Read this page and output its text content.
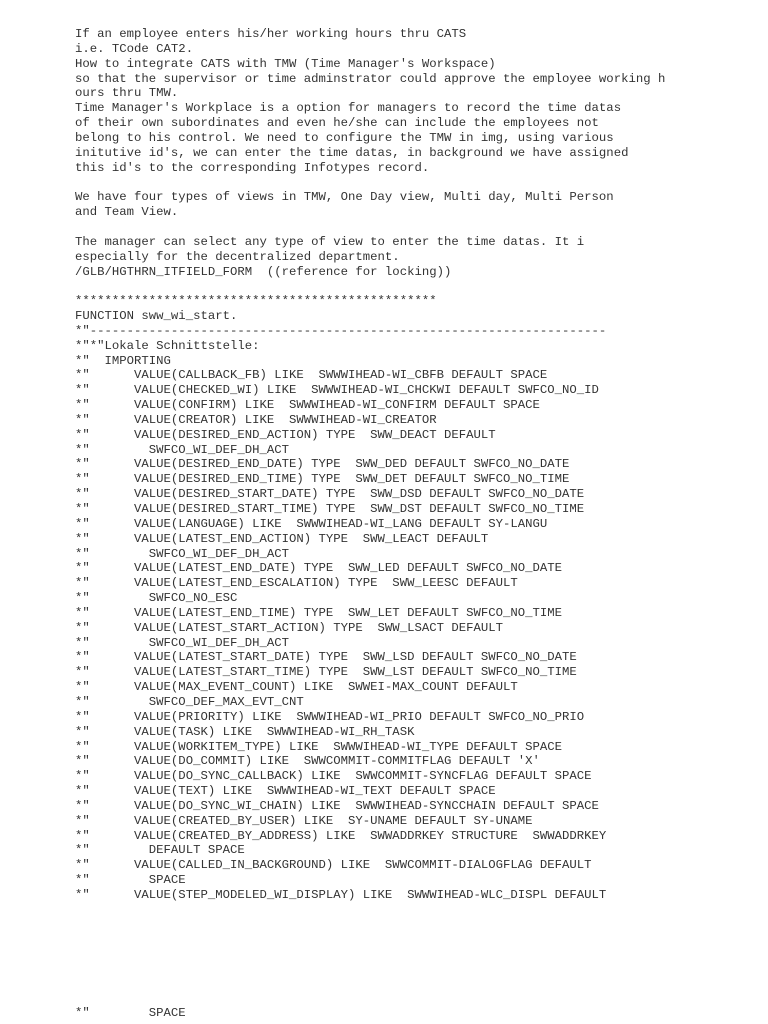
If an employee enters his/her working hours thru CATS
i.e. TCode CAT2.
How to integrate CATS with TMW (Time Manager's Workspace)
so that the supervisor or time adminstrator could approve the employee working h
ours thru TMW.
Time Manager's Workplace is a option for managers to record the time datas
of their own subordinates and even he/she can include the employees not
belong to his control. We need to configure the TMW in img, using various
initutive id's, we can enter the time datas, in background we have assigned
this id's to the corresponding Infotypes record.

We have four types of views in TMW, One Day view, Multi day, Multi Person
and Team View.

The manager can select any type of view to enter the time datas. It i
especially for the decentralized department.
/GLB/HGTHRN_ITFIELD_FORM  ((reference for locking))

*************************************************
FUNCTION sww_wi_start.
*"----------------------------------------------------------------------
*"*"Lokale Schnittstelle:
*"  IMPORTING
*"      VALUE(CALLBACK_FB) LIKE  SWWWIHEAD-WI_CBFB DEFAULT SPACE
*"      VALUE(CHECKED_WI) LIKE  SWWWIHEAD-WI_CHCKWI DEFAULT SWFCO_NO_ID
*"      VALUE(CONFIRM) LIKE  SWWWIHEAD-WI_CONFIRM DEFAULT SPACE
*"      VALUE(CREATOR) LIKE  SWWWIHEAD-WI_CREATOR
*"      VALUE(DESIRED_END_ACTION) TYPE  SWW_DEACT DEFAULT
*"        SWFCO_WI_DEF_DH_ACT
*"      VALUE(DESIRED_END_DATE) TYPE  SWW_DED DEFAULT SWFCO_NO_DATE
*"      VALUE(DESIRED_END_TIME) TYPE  SWW_DET DEFAULT SWFCO_NO_TIME
*"      VALUE(DESIRED_START_DATE) TYPE  SWW_DSD DEFAULT SWFCO_NO_DATE
*"      VALUE(DESIRED_START_TIME) TYPE  SWW_DST DEFAULT SWFCO_NO_TIME
*"      VALUE(LANGUAGE) LIKE  SWWWIHEAD-WI_LANG DEFAULT SY-LANGU
*"      VALUE(LATEST_END_ACTION) TYPE  SWW_LEACT DEFAULT
*"        SWFCO_WI_DEF_DH_ACT
*"      VALUE(LATEST_END_DATE) TYPE  SWW_LED DEFAULT SWFCO_NO_DATE
*"      VALUE(LATEST_END_ESCALATION) TYPE  SWW_LEESC DEFAULT
*"        SWFCO_NO_ESC
*"      VALUE(LATEST_END_TIME) TYPE  SWW_LET DEFAULT SWFCO_NO_TIME
*"      VALUE(LATEST_START_ACTION) TYPE  SWW_LSACT DEFAULT
*"        SWFCO_WI_DEF_DH_ACT
*"      VALUE(LATEST_START_DATE) TYPE  SWW_LSD DEFAULT SWFCO_NO_DATE
*"      VALUE(LATEST_START_TIME) TYPE  SWW_LST DEFAULT SWFCO_NO_TIME
*"      VALUE(MAX_EVENT_COUNT) LIKE  SWWEI-MAX_COUNT DEFAULT
*"        SWFCO_DEF_MAX_EVT_CNT
*"      VALUE(PRIORITY) LIKE  SWWWIHEAD-WI_PRIO DEFAULT SWFCO_NO_PRIO
*"      VALUE(TASK) LIKE  SWWWIHEAD-WI_RH_TASK
*"      VALUE(WORKITEM_TYPE) LIKE  SWWWIHEAD-WI_TYPE DEFAULT SPACE
*"      VALUE(DO_COMMIT) LIKE  SWWCOMMIT-COMMITFLAG DEFAULT 'X'
*"      VALUE(DO_SYNC_CALLBACK) LIKE  SWWCOMMIT-SYNCFLAG DEFAULT SPACE
*"      VALUE(TEXT) LIKE  SWWWIHEAD-WI_TEXT DEFAULT SPACE
*"      VALUE(DO_SYNC_WI_CHAIN) LIKE  SWWWIHEAD-SYNCCHAIN DEFAULT SPACE
*"      VALUE(CREATED_BY_USER) LIKE  SY-UNAME DEFAULT SY-UNAME
*"      VALUE(CREATED_BY_ADDRESS) LIKE  SWWADDRKEY STRUCTURE  SWWADDRKEY
*"        DEFAULT SPACE
*"      VALUE(CALLED_IN_BACKGROUND) LIKE  SWWCOMMIT-DIALOGFLAG DEFAULT
*"        SPACE
*"      VALUE(STEP_MODELED_WI_DISPLAY) LIKE  SWWWIHEAD-WLC_DISPL DEFAULT
*"        SPACE
